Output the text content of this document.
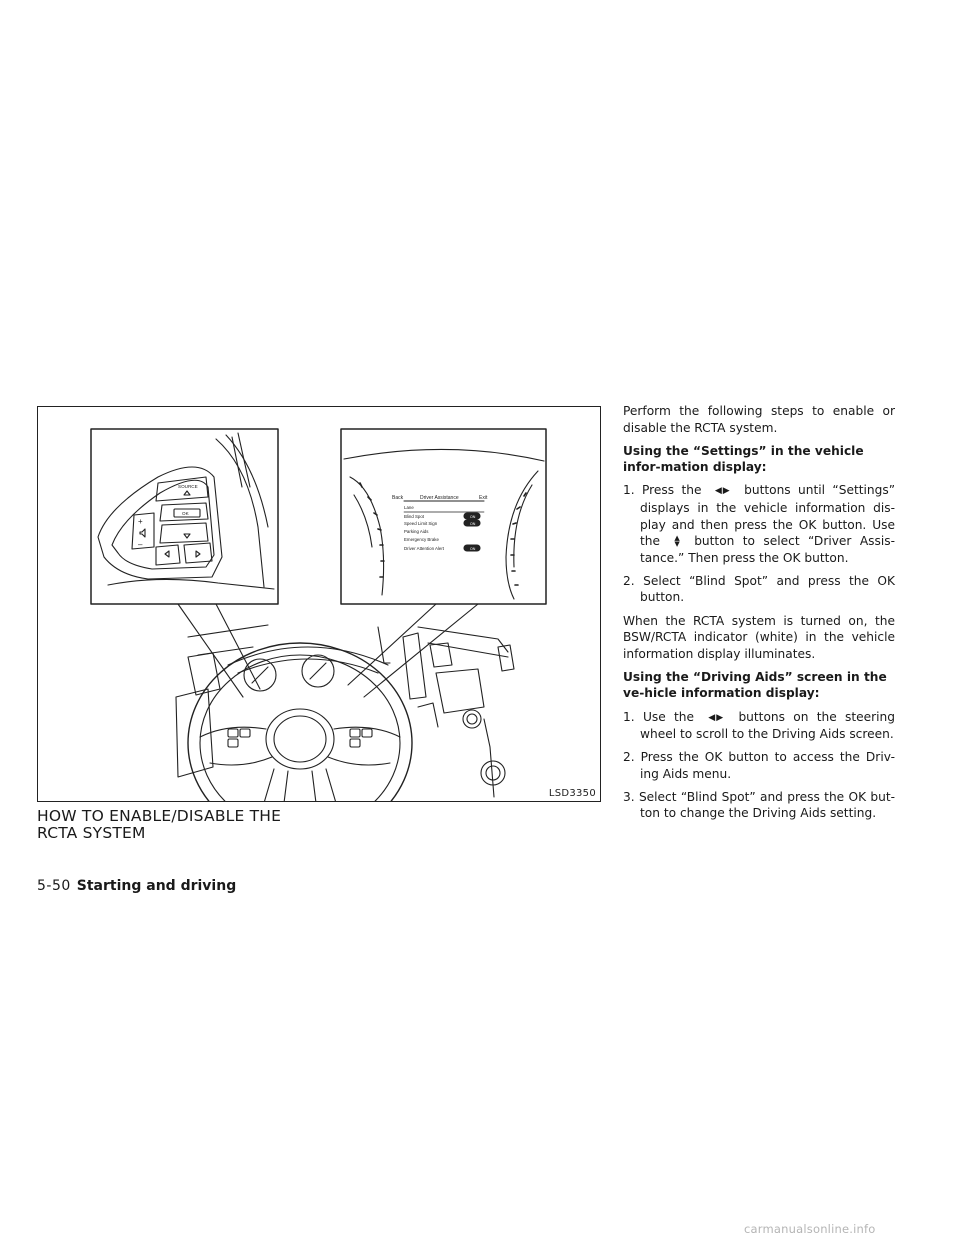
SOURCE
OK
+
–
Back	Driver Assistance	Exit
Lane
Blind Spot
Speed Limit Sign
Parking Aids
Emergency Brake
Driver Attention Alert
ON
ON
ON
LSD3350
HOW TO ENABLE/DISABLE THE
RCTA SYSTEM

Perform the following steps to enable or disable the RCTA system.

Using the “Settings” in the vehicle infor-mation display:

1. Press the ◀▶ buttons until “Settings” displays in the vehicle information dis-play and then press the OK button. Use the ▲
▼ button to select “Driver Assis-tance.” Then press the OK button.
2. Select “Blind Spot” and press the OK button.

When the RCTA system is turned on, the BSW/RCTA indicator (white) in the vehicle information display illuminates.

Using the “Driving Aids” screen in the ve-hicle information display:

1. Use the ◀▶ buttons on the steering wheel to scroll to the Driving Aids screen.
2. Press the OK button to access the Driv-ing Aids menu.
3. Select “Blind Spot” and press the OK but-ton to change the Driving Aids setting.
5-50 Starting and driving
carmanualsonline.info
